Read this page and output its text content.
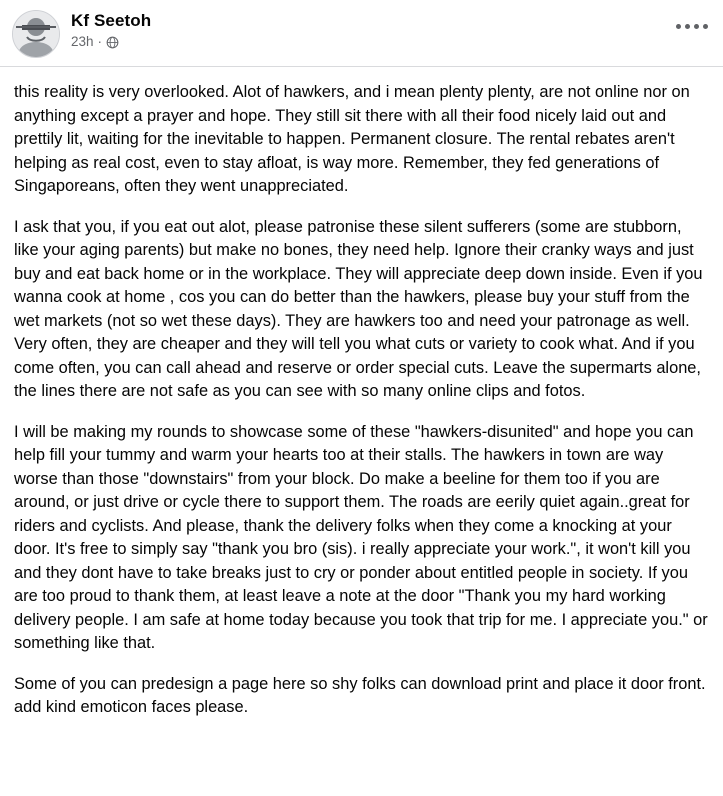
Kf Seetoh
23h ·

this reality is very overlooked. Alot of hawkers, and i mean plenty plenty, are not online nor on anything except a prayer and hope. They still sit there with all their food nicely laid out and prettily lit, waiting for the inevitable to happen. Permanent closure. The rental rebates aren't helping as real cost, even to stay afloat, is way more. Remember, they fed generations of Singaporeans, often they went unappreciated.

I ask that you, if you eat out alot, please patronise these silent sufferers (some are stubborn, like your aging parents) but make no bones, they need help. Ignore their cranky ways and just buy and eat back home or in the workplace. They will appreciate deep down inside. Even if you wanna cook at home , cos you can do better than the hawkers, please buy your stuff from the wet markets (not so wet these days). They are hawkers too and need your patronage as well. Very often, they are cheaper and they will tell you what cuts or variety to cook what. And if you come often, you can call ahead and reserve or order special cuts. Leave the supermarts alone, the lines there are not safe as you can see with so many online clips and fotos.

I will be making my rounds to showcase some of these "hawkers-disunited" and hope you can help fill your tummy and warm your hearts too at their stalls. The hawkers in town are way worse than those "downstairs" from your block. Do make a beeline for them too if you are around, or just drive or cycle there to support them. The roads are eerily quiet again..great for riders and cyclists. And please, thank the delivery folks when they come a knocking at your door. It's free to simply say "thank you bro (sis). i really appreciate your work.", it won't kill you and they dont have to take breaks just to cry or ponder about entitled people in society. If you are too proud to thank them, at least leave a note at the door "Thank you my hard working delivery people. I am safe at home today because you took that trip for me. I appreciate you." or something like that.

Some of you can predesign a page here so shy folks can download print and place it door front. add kind emoticon faces please.
